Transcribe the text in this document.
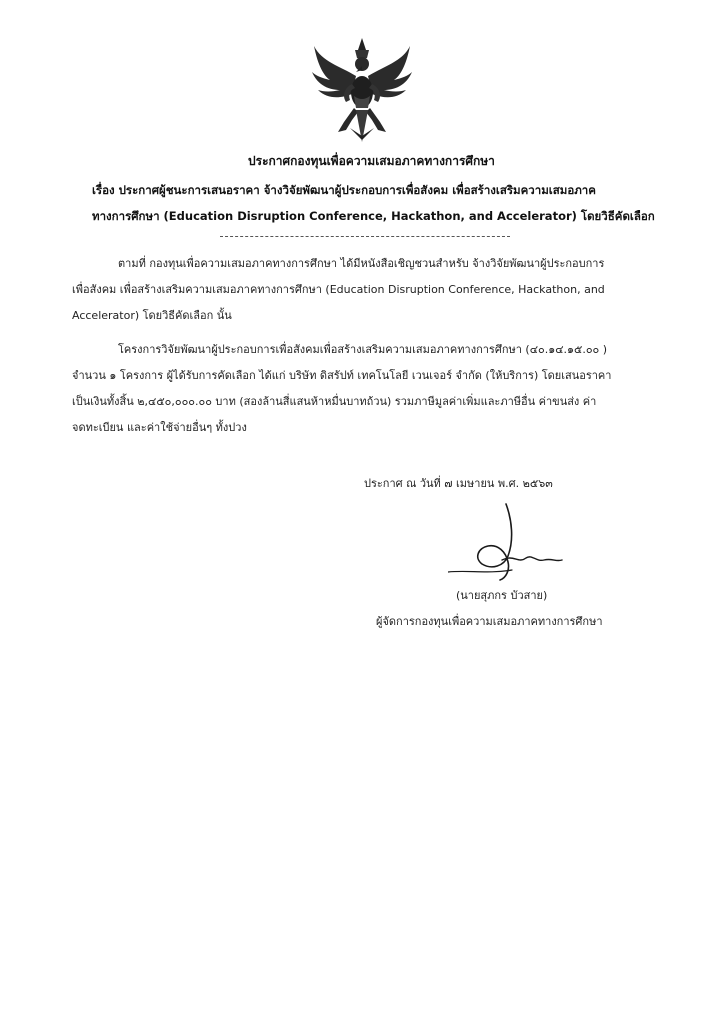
ประกาศกองทุนเพื่อความเสมอภาคทางการศึกษา
เรื่อง ประกาศผู้ชนะการเสนอราคา จ้างวิจัยพัฒนาผู้ประกอบการเพื่อสังคม เพื่อสร้างเสริมความเสมอภาค
ทางการศึกษา (Education Disruption Conference, Hackathon, and Accelerator) โดยวิธีคัดเลือก
ตามที่ กองทุนเพื่อความเสมอภาคทางการศึกษา ได้มีหนังสือเชิญชวนสำหรับ จ้างวิจัยพัฒนาผู้ประกอบการ
เพื่อสังคม เพื่อสร้างเสริมความเสมอภาคทางการศึกษา (Education Disruption Conference, Hackathon, and
Accelerator) โดยวิธีคัดเลือก นั้น
โครงการวิจัยพัฒนาผู้ประกอบการเพื่อสังคมเพื่อสร้างเสริมความเสมอภาคทางการศึกษา (๔๐.๑๔.๑๕.๐๐ )
จำนวน ๑ โครงการ ผู้ได้รับการคัดเลือก ได้แก่ บริษัท ดิสรัปท์ เทคโนโลยี เวนเจอร์ จำกัด (ให้บริการ) โดยเสนอราคา
เป็นเงินทั้งสิ้น ๒,๔๕๐,๐๐๐.๐๐ บาท (สองล้านสี่แสนห้าหมื่นบาทถ้วน) รวมภาษีมูลค่าเพิ่มและภาษีอื่น ค่าขนส่ง ค่า
จดทะเบียน และค่าใช้จ่ายอื่นๆ ทั้งปวง
ประกาศ ณ วันที่ ๗ เมษายน พ.ศ. ๒๕๖๓
(นายสุภกร บัวสาย)
ผู้จัดการกองทุนเพื่อความเสมอภาคทางการศึกษา
